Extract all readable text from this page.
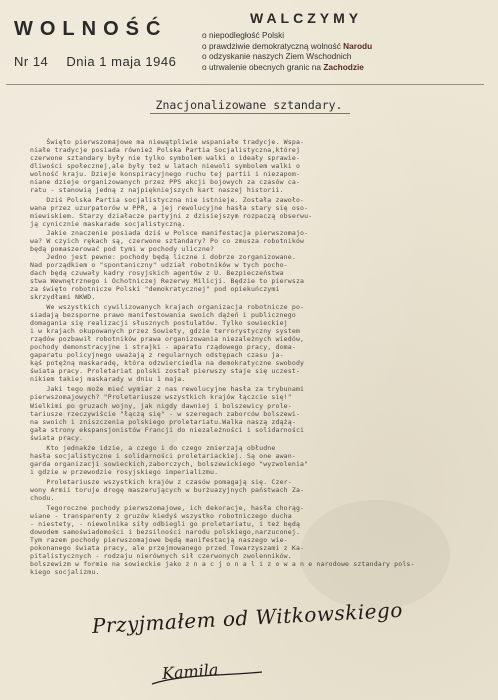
WOLNOŚĆ
Nr 14 Dnia 1 maja 1946
WALCZYMY
o niepodległość Polski
o prawdziwie demokratyczną wolność Narodu
o odzyskanie naszych Ziem Wschodnich
o utrwalenie obecnych granic na Zachodzie
Znacjonalizowane sztandary.
Święto pierwszomajowe ma niewątpliwie wspaniałe tradycje. Wspa-
niałe tradycje posiada również Polska Partia Socjalistyczna,której
czerwone sztandary były nie tylko symbolem walki o ideały sprawie-
dliwości społecznej,ale były też w latach niewoli symbolem walki o
wolność kraju. Dzieje konspiracyjnego ruchu tej partii i niezapom-
niane dzieje organizowanych przez PPS akcji bojowych za czasów ca-
ratu - stanowią jedną z najpiękniejszych kart naszej historii.
Dziś Polska Partia socjalistyczna nie istnieje. Została zawoło-
wana przez uzurpatorów w PPR, a jej rewolucyjne hasła stary się oso-
miewiskiem. Starzy działacze partyjni z dzisiejszym rozpaczą obserwu-
ją cynicznie maskarade socjalistyczną.
Jakie znaczenie posiada dziś w Polsce manifestacja pierwszomajo-
wa? W czyich rękach są, czerwone sztandary? Po co zmusza robotników
będą pomaszerować pod tymi w pochody uliczne?
Jedno jest pewne: pochody będą liczne i dobrze zorganizowane.
Nad porządkiem o "spontaniczny" udział robotników w tych pocho-
dach będą czuwały kadry rosyjskich agentów z U. Bezpieczeństwa
stwa Wewnętrznego i Ochotniczej Rezerwy Milicji. Będzie to pierwsza
za święto robotnicze Polski "demokratycznej" pod opiekuńczymi
skrzydłami NKWD.
We wszystkich cywilizowanych krajach organizacja robotnicze po-
siadają bezsporne prawo manifestowania swoich dążeń i publicznego
domagania się realizacji słusznych postulatów. Tylko sowieckiej
i w krajach okupowanych przez Sowiety, gdzie terrorystyczny system
rządów pozbawił robotników prawa organizowania niezależnych wiedów,
pochody demonstracyjne i strajki - aparatu rządowego pracy, doma-
gaparatu policyjnego uważają z regularnych odstępach czasu ja-
kąś potężną maskaradę, która odzwierciedla na demokratyczne swobody
świata pracy. Proletariat polski został pierwszy staje się uczest-
nikiem takiej maskarady w dniu 1 maja.
Jaki tego może mieć wymiar z nas rewolucyjne hasła za trybunami
pierwszomajowych? "Proletariusze wszystkich krajów łączcie się!"
Wielkimi po gruzach wojny, jak nigdy dawniej i bolszewicy prole-
tariusze rzeczywiście "łączą się" - w szeregach zaborców bolszewi-
na swoich i zniszczenia polskiego proletariatu.Walka naszą zdążą-
gała strony ekspansjonistów Francji do niezależności i solidarności
świata pracy.
Kto jednakże idzie, a czego i do czego zmierzają obłudne
hasła socjalistyczne i solidarności proletariackiej. Są one awan-
garda organizacji sowieckich,zaborczych, bolszewickiego "wyzwolenia"
i gdzie w przewodzie rosyjskiego imperializmu.
Proletariusze wszystkich krajów z czasów pomagają się. Czer-
wony Armii toruje drogę maszerujących w burżuazyjnych państwach Za-
chodu.
Tegoroczne pochody pierwszomajowe, ich dekoracje, hasła chorąg-
wiane - transparenty z gruzów kiedyś wszystko robotniczego ducha
- niestety, - niewolnika siły odbiegli go proletariatu, i też będą
dowodem samoświadomości i bezsilności narodu polskiego,narzuconej.
Tym razem pochody pierwszomajowe będą manifestacją naszego wie-
pokonanego świata pracy, ale przejmowanego przed Towarzyszami z Ka-
pitalistycznych - rodzaju nierównych sił czerwonych zwolenników.
bolszewizm w formie na sowieckie jako z n a c j o n a l i z o w a n e narodowe sztandary pols-
kiego socjalizmu.
Przyjmałem od Witkowskiego
Kamila
